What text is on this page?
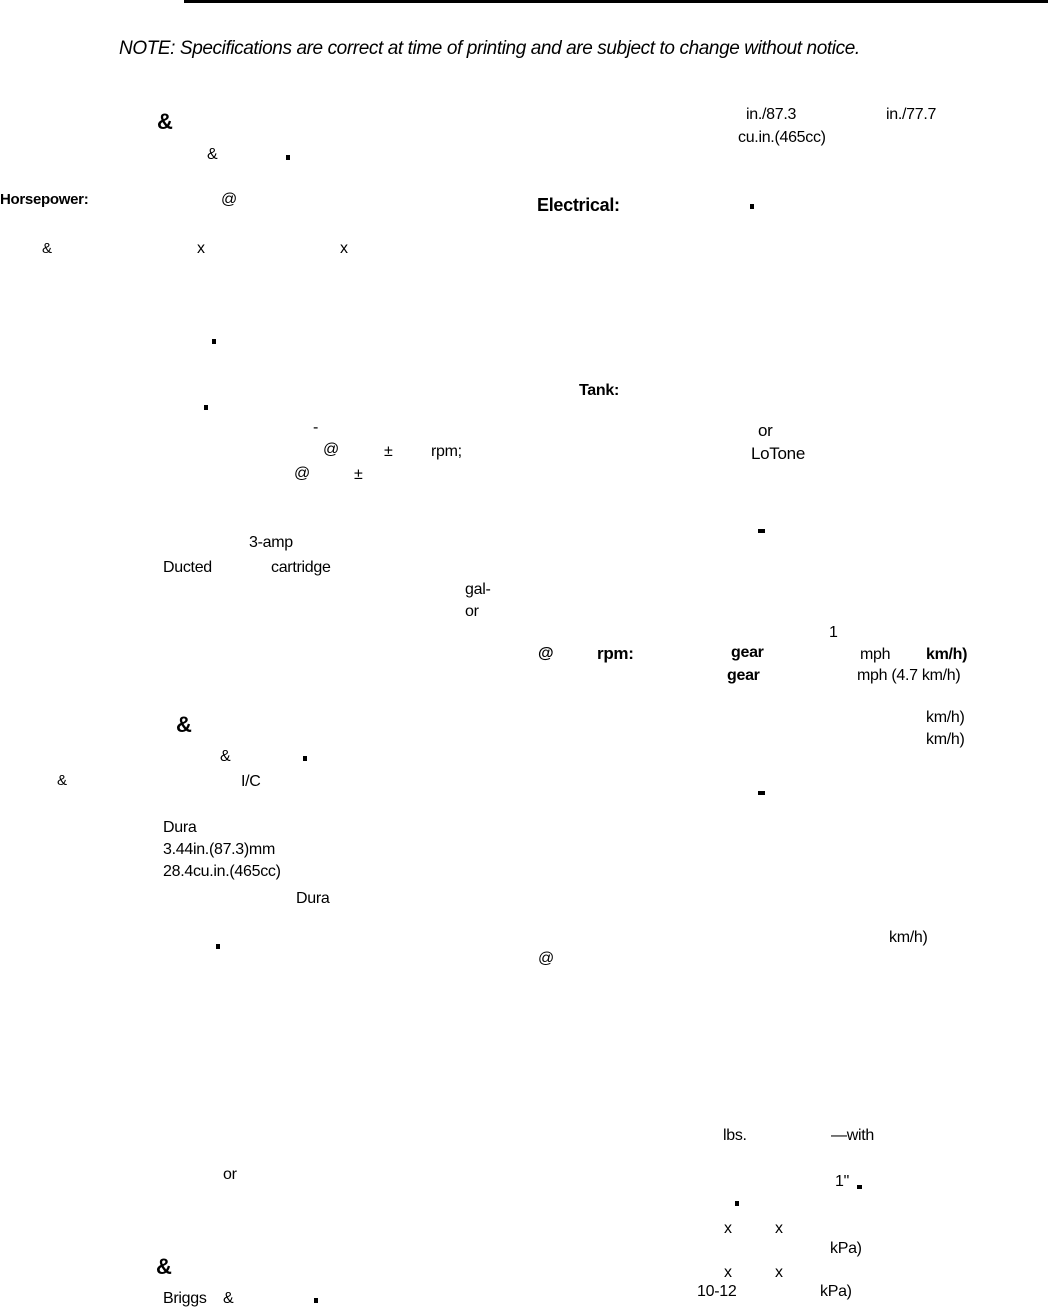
NOTE: Specifications are correct at time of printing and are subject to change without notice.
&
&
Horsepower:	@
&	x	x
-
@	± rpm;
@	±
3-amp
Ducted	cartridge
gal-
or
&
&
&	I/C
Dura
3.44in.(87.3)mm
28.4cu.in.(465cc)
Dura
or
&
Briggs &
in./87.3	in./77.7
cu.in.(465cc)
Electrical:
Tank:
or
LoTone
1
@	rpm:	gear	mph km/h)
gear	mph (4.7 km/h)
km/h)
km/h)
km/h)
@
lbs.	—with
1"
x	x
kPa)
x	x
10-12	kPa)
